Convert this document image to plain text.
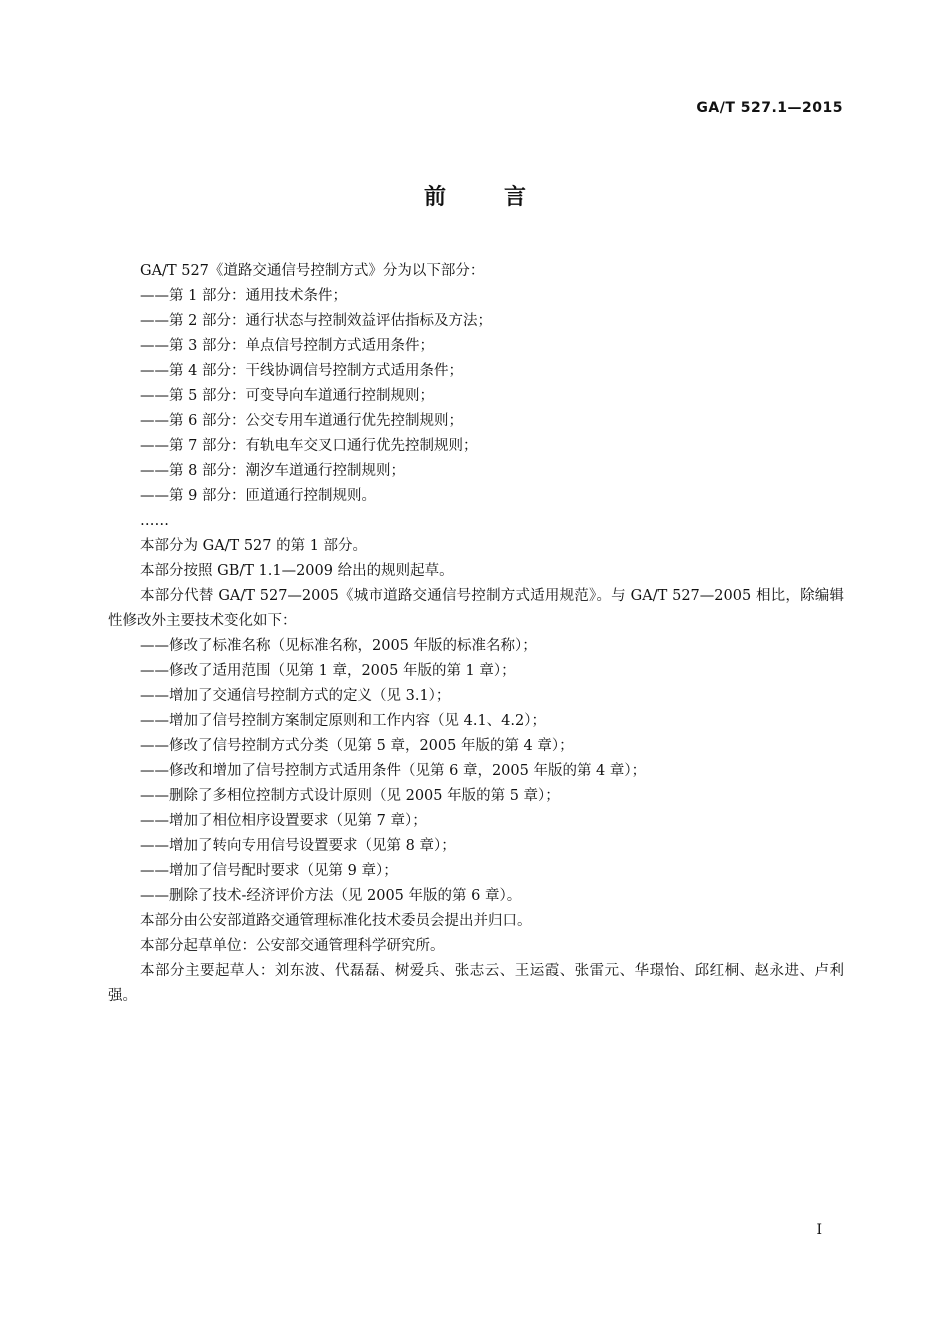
GA/T 527.1—2015
前言

GA/T 527《道路交通信号控制方式》分为以下部分：

——第 1 部分：通用技术条件；

——第 2 部分：通行状态与控制效益评估指标及方法；

——第 3 部分：单点信号控制方式适用条件；

——第 4 部分：干线协调信号控制方式适用条件；

——第 5 部分：可变导向车道通行控制规则；

——第 6 部分：公交专用车道通行优先控制规则；

——第 7 部分：有轨电车交叉口通行优先控制规则；

——第 8 部分：潮汐车道通行控制规则；

——第 9 部分：匝道通行控制规则。

……

本部分为 GA/T 527 的第 1 部分。

本部分按照 GB/T 1.1—2009 给出的规则起草。

本部分代替 GA/T 527—2005《城市道路交通信号控制方式适用规范》。与 GA/T 527—2005 相比，除编辑性修改外主要技术变化如下：

——修改了标准名称（见标准名称，2005 年版的标准名称）；

——修改了适用范围（见第 1 章，2005 年版的第 1 章）；

——增加了交通信号控制方式的定义（见 3.1）；

——增加了信号控制方案制定原则和工作内容（见 4.1、4.2）；

——修改了信号控制方式分类（见第 5 章，2005 年版的第 4 章）；

——修改和增加了信号控制方式适用条件（见第 6 章，2005 年版的第 4 章）；

——删除了多相位控制方式设计原则（见 2005 年版的第 5 章）；

——增加了相位相序设置要求（见第 7 章）；

——增加了转向专用信号设置要求（见第 8 章）；

——增加了信号配时要求（见第 9 章）；

——删除了技术-经济评价方法（见 2005 年版的第 6 章）。

本部分由公安部道路交通管理标准化技术委员会提出并归口。

本部分起草单位：公安部交通管理科学研究所。

本部分主要起草人：刘东波、代磊磊、树爱兵、张志云、王运霞、张雷元、华璟怡、邱红桐、赵永进、卢利强。

I
